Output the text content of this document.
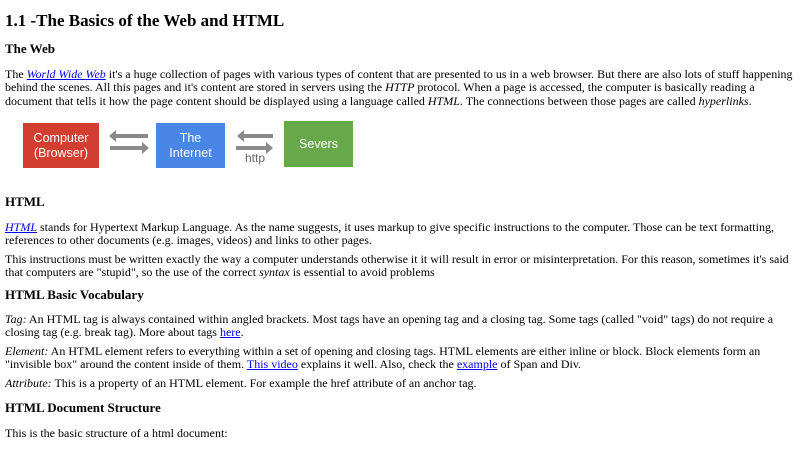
1.1 -The Basics of the Web and HTML
The Web

The World Wide Web it's a huge collection of pages with various types of content that are presented to us in a web browser. But there are also lots of stuff happening behind the scenes. All this pages and it's content are stored in servers using the HTTP protocol. When a page is accessed, the computer is basically reading a document that tells it how the page content should be displayed using a language called HTML. The connections between those pages are called hyperlinks.

Computer
(Browser)
The
Internet	http
Severs
HTML

HTML stands for Hypertext Markup Language. As the name suggests, it uses markup to give specific instructions to the computer. Those can be text formatting, references to other documents (e.g. images, videos) and links to other pages.

This instructions must be written exactly the way a computer understands otherwise it it will result in error or misinterpretation. For this reason, sometimes it's said that computers are "stupid", so the use of the correct syntax is essential to avoid problems

HTML Basic Vocabulary

Tag: An HTML tag is always contained within angled brackets. Most tags have an opening tag and a closing tag. Some tags (called "void" tags) do not require a closing tag (e.g. break tag). More about tags here.

Element: An HTML element refers to everything within a set of opening and closing tags. HTML elements are either inline or block. Block elements form an "invisible box" around the content inside of them. This video explains it well. Also, check the example of Span and Div.

Attribute: This is a property of an HTML element. For example the href attribute of an anchor tag.

HTML Document Structure

This is the basic structure of a html document:
